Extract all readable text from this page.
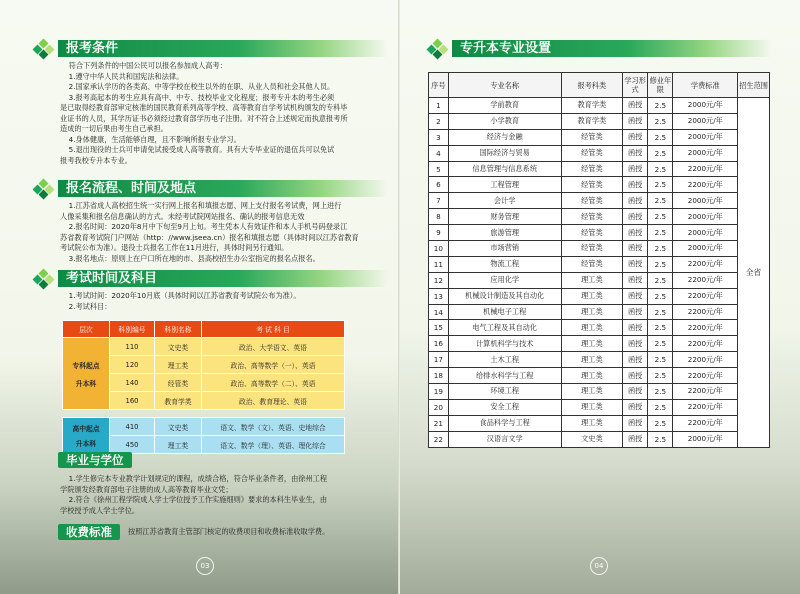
报考条件

符合下列条件的中国公民可以报名参加成人高考：

1.遵守中华人民共和国宪法和法律。

2.国家承认学历的各类高、中等学校在校生以外的在职、从业人员和社会其他人员。

3.报考高起本的考生应具有高中、中专、技校毕业文化程度；报考专升本的考生必须

是已取得经教育部审定核准的国民教育系列高等学校、高等教育自学考试机构颁发的专科毕

业证书的人员，其学历证书必须经过教育部学历电子注册。对不符合上述规定而执意报考所

造成的一切后果由考生自己承担。

4.身体健康，生活能够自理，且不影响所报专业学习。

5.退出现役的士兵可申请免试接受成人高等教育。具有大专毕业证的退伍兵可以免试

报考我校专升本专业。

报名流程、时间及地点

1.江苏省成人高校招生统一实行网上报名和填报志愿、网上支付报名考试费，网上进行

人像采集和报名信息确认的方式。未经考试院网站报名、确认的报考信息无效

2.报名时间：2020年8月中下旬至9月上旬。考生凭本人有效证件和本人手机号码登录江

苏省教育考试院门户网站（http：//www.jseea.cn）报名和填报志愿（具体时间以江苏省教育

考试院公布为准）。退役士兵报名工作在11月进行，具体时间另行通知。

3.报名地点：原则上在户口所在地的市、县高校招生办公室指定的报名点报名。

考试时间及科目

1.考试时间：2020年10月底（具体时间以江苏省教育考试院公布为准）。

2.考试科目：

层次	科别编号	科别名称	考 试 科 目

专科起点
升本科	110	文史类	政治、大学语文、英语
	120	理工类	政治、高等数学（一）、英语
	140	经管类	政治、高等数学（二）、英语
	160	教育学类	政治、教育理论、英语

高中起点
升本科	410	文史类	语文、数学（文）、英语、史地综合
	450	理工类	语文、数学（理）、英语、理化综合
毕业与学位

1.学生修完本专业教学计划规定的课程，成绩合格，符合毕业条件者，由徐州工程

学院颁发经教育部电子注册的成人高等教育毕业文凭；

2.符合《徐州工程学院成人学士学位授予工作实施细则》要求的本科生毕业生，由

学校授予成人学士学位。

收费标准	按照江苏省教育主管部门核定的收费项目和收费标准收取学费。
03
专升本专业设置
04
序号	专业名称	报考科类	学习形式	修业年限	学费标准	招生范围
1	学前教育	教育学类	函授	2.5	2000元/年	全省
2	小学教育	教育学类	函授	2.5	2000元/年	
3	经济与金融	经管类	函授	2.5	2000元/年	
4	国际经济与贸易	经管类	函授	2.5	2000元/年	
5	信息管理与信息系统	经管类	函授	2.5	2200元/年	
6	工程管理	经管类	函授	2.5	2200元/年	
7	会计学	经管类	函授	2.5	2000元/年	
8	财务管理	经管类	函授	2.5	2000元/年	
9	旅游管理	经管类	函授	2.5	2000元/年	
10	市场营销	经管类	函授	2.5	2000元/年	
11	物流工程	经管类	函授	2.5	2200元/年	
12	应用化学	理工类	函授	2.5	2200元/年	
13	机械设计制造及其自动化	理工类	函授	2.5	2200元/年	
14	机械电子工程	理工类	函授	2.5	2200元/年	
15	电气工程及其自动化	理工类	函授	2.5	2200元/年	
16	计算机科学与技术	理工类	函授	2.5	2200元/年	
17	土木工程	理工类	函授	2.5	2200元/年	
18	给排水科学与工程	理工类	函授	2.5	2200元/年	
19	环境工程	理工类	函授	2.5	2200元/年	
20	安全工程	理工类	函授	2.5	2200元/年	
21	食品科学与工程	理工类	函授	2.5	2200元/年	
22	汉语言文学	文史类	函授	2.5	2000元/年	
